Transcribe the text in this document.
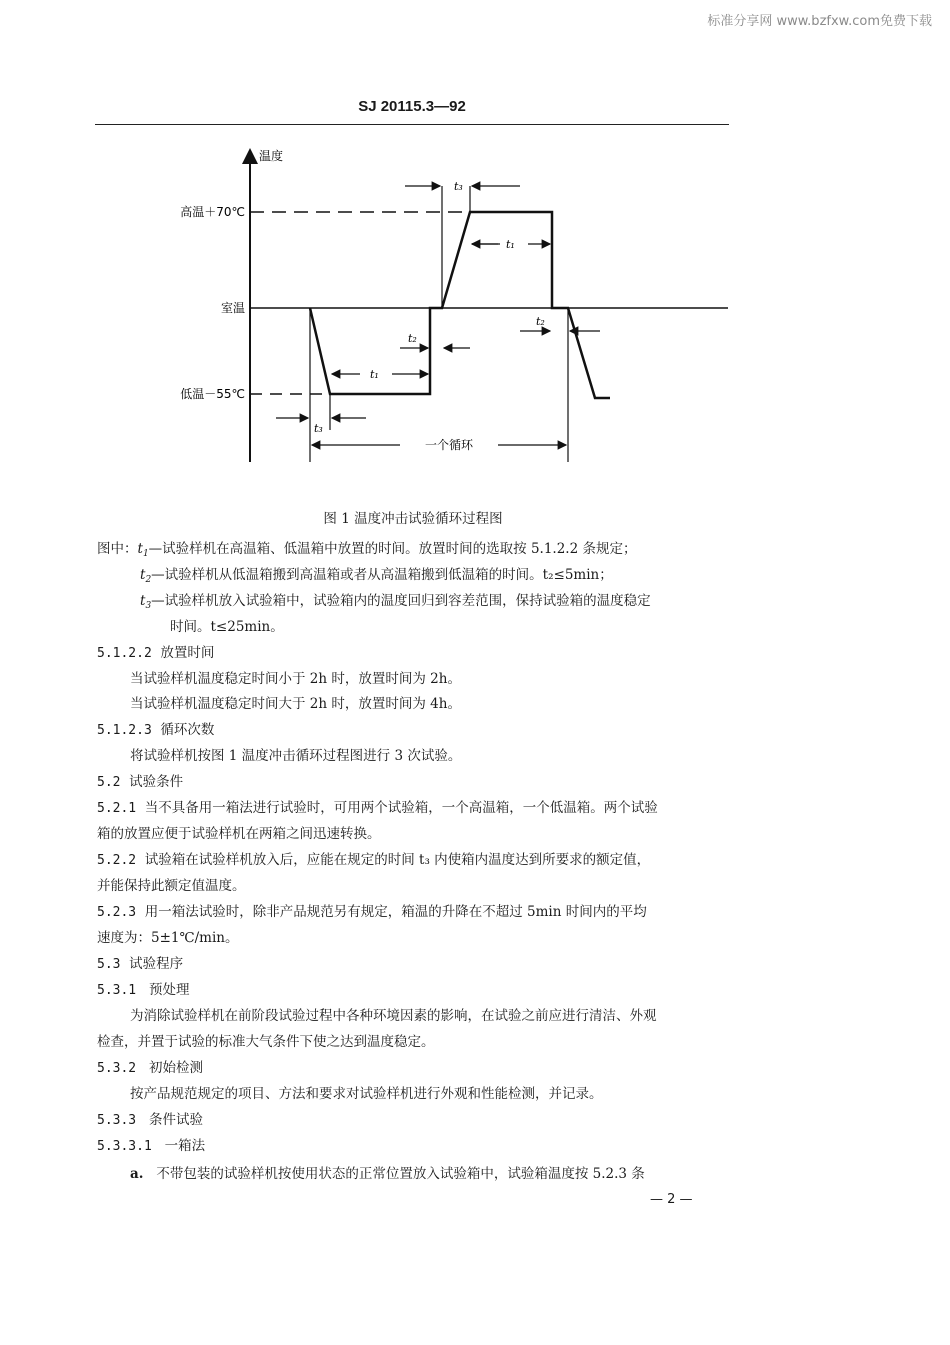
标准分享网 www.bzfxw.com免费下载
SJ 20115.3—92
温度
高温＋70℃
室温
低温－55℃
t₃
t₁
t₂
t₂
t₁
t₃
一个循环
图 1 温度冲击试验循环过程图
图中：$t_1—$试验样机在高温箱、低温箱中放置的时间。放置时间的选取按 5.1.2.2 条规定；
$t_2—$试验样机从低温箱搬到高温箱或者从高温箱搬到低温箱的时间。t₂≤5min；
$t_3—$试验样机放入试验箱中，试验箱内的温度回归到容差范围，保持试验箱的温度稳定
时间。t≤25min。
5.1.2.2 放置时间
当试验样机温度稳定时间小于 2h 时，放置时间为 2h。
当试验样机温度稳定时间大于 2h 时，放置时间为 4h。
5.1.2.3 循环次数
将试验样机按图 1 温度冲击循环过程图进行 3 次试验。
5.2 试验条件
5.2.1 当不具备用一箱法进行试验时，可用两个试验箱，一个高温箱，一个低温箱。两个试验
箱的放置应便于试验样机在两箱之间迅速转换。
5.2.2 试验箱在试验样机放入后，应能在规定的时间 t₃ 内使箱内温度达到所要求的额定值，
并能保持此额定值温度。
5.2.3 用一箱法试验时，除非产品规范另有规定，箱温的升降在不超过 5min 时间内的平均
速度为：5±1℃/min。
5.3 试验程序
5.3.1 预处理
为消除试验样机在前阶段试验过程中各种环境因素的影响，在试验之前应进行清洁、外观
检查，并置于试验的标准大气条件下使之达到温度稳定。
5.3.2 初始检测
按产品规范规定的项目、方法和要求对试验样机进行外观和性能检测，并记录。
5.3.3 条件试验
5.3.3.1 一箱法
a. 不带包装的试验样机按使用状态的正常位置放入试验箱中，试验箱温度按 5.2.3 条
— 2 —
